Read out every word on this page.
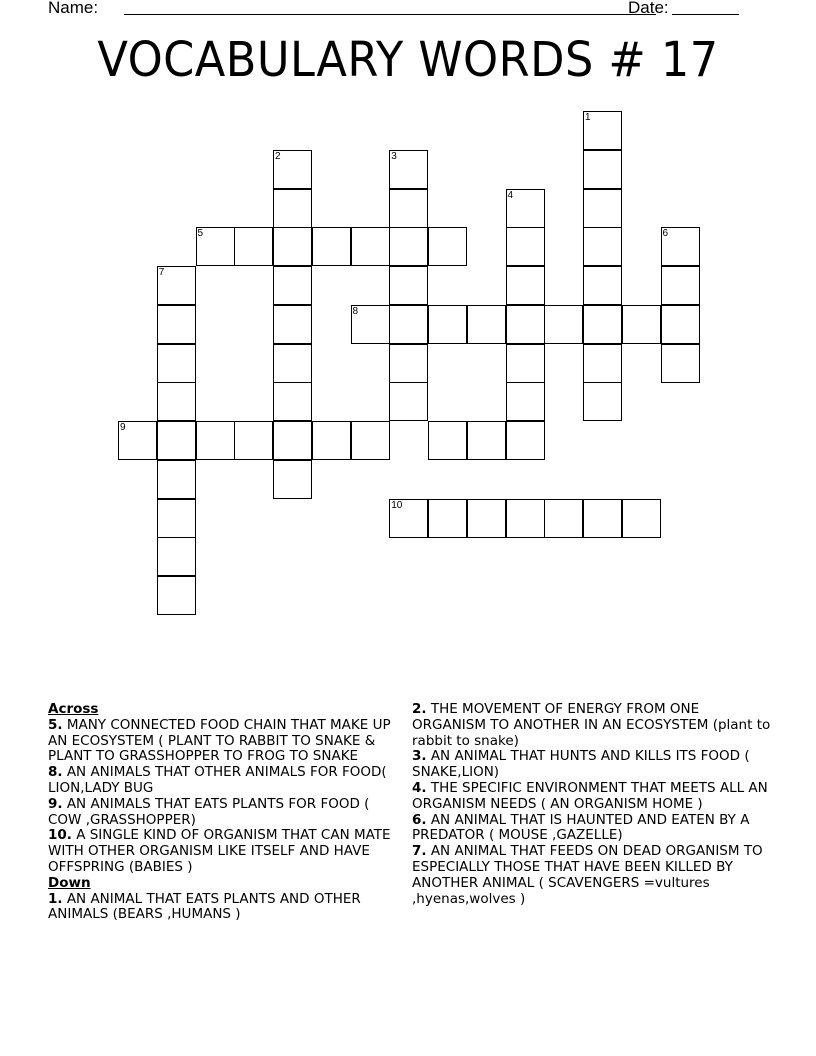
Name:	Date:
VOCABULARY WORDS # 17
1
2	3
4
5	6
7
8
9
10
Across

5. MANY CONNECTED FOOD CHAIN THAT MAKE UP AN ECOSYSTEM ( PLANT TO RABBIT TO SNAKE & PLANT TO GRASSHOPPER TO FROG TO SNAKE

8. AN ANIMALS THAT OTHER ANIMALS FOR FOOD( LION,LADY BUG

9. AN ANIMALS THAT EATS PLANTS FOR FOOD ( COW ,GRASSHOPPER)

10. A SINGLE KIND OF ORGANISM THAT CAN MATE WITH OTHER ORGANISM LIKE ITSELF AND HAVE OFFSPRING (BABIES )

Down

1. AN ANIMAL THAT EATS PLANTS AND OTHER ANIMALS (BEARS ,HUMANS )

2. THE MOVEMENT OF ENERGY FROM ONE ORGANISM TO ANOTHER IN AN ECOSYSTEM (plant to rabbit to snake)

3. AN ANIMAL THAT HUNTS AND KILLS ITS FOOD ( SNAKE,LION)

4. THE SPECIFIC ENVIRONMENT THAT MEETS ALL AN ORGANISM NEEDS ( AN ORGANISM HOME )

6. AN ANIMAL THAT IS HAUNTED AND EATEN BY A PREDATOR ( MOUSE ,GAZELLE)

7. AN ANIMAL THAT FEEDS ON DEAD ORGANISM TO ESPECIALLY THOSE THAT HAVE BEEN KILLED BY ANOTHER ANIMAL ( SCAVENGERS =vultures ,hyenas,wolves )
